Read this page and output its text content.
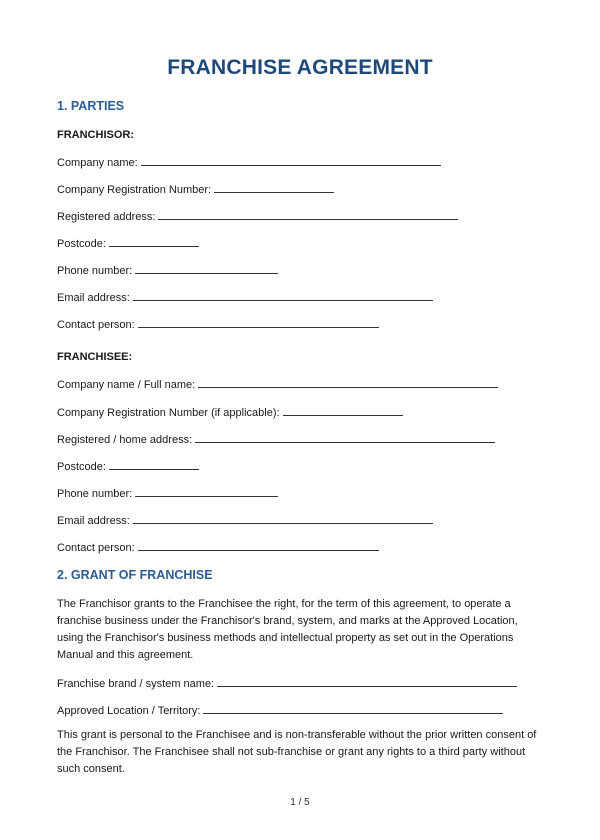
FRANCHISE AGREEMENT
1. PARTIES
FRANCHISOR:
Company name:
Company Registration Number:
Registered address:
Postcode:
Phone number:
Email address:
Contact person:
FRANCHISEE:
Company name / Full name:
Company Registration Number (if applicable):
Registered / home address:
Postcode:
Phone number:
Email address:
Contact person:
2. GRANT OF FRANCHISE
The Franchisor grants to the Franchisee the right, for the term of this agreement, to operate a franchise business under the Franchisor's brand, system, and marks at the Approved Location, using the Franchisor's business methods and intellectual property as set out in the Operations Manual and this agreement.
Franchise brand / system name:
Approved Location / Territory:
This grant is personal to the Franchisee and is non-transferable without the prior written consent of the Franchisor. The Franchisee shall not sub-franchise or grant any rights to a third party without such consent.
1 / 5
